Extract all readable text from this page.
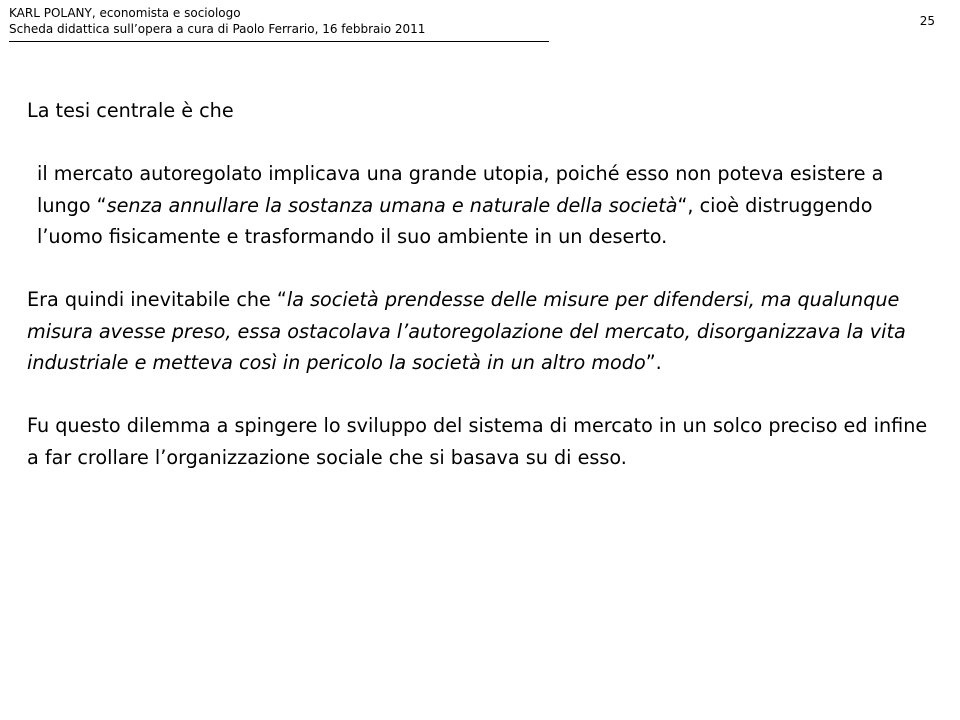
KARL POLANY, economista e sociologo
Scheda didattica sull’opera a cura di Paolo Ferrario, 16 febbraio 2011
25

La tesi centrale è che

il mercato autoregolato implicava una grande utopia, poiché esso non poteva esistere a lungo “senza annullare la sostanza umana e naturale della società“, cioè distruggendo l’uomo fisicamente e trasformando il suo ambiente in un deserto.

Era quindi inevitabile che “la società prendesse delle misure per difendersi, ma qualunque misura avesse preso, essa ostacolava l’autoregolazione del mercato, disorganizzava la vita industriale e metteva così in pericolo la società in un altro modo”.

Fu questo dilemma a spingere lo sviluppo del sistema di mercato in un solco preciso ed infine a far crollare l’organizzazione sociale che si basava su di esso.
